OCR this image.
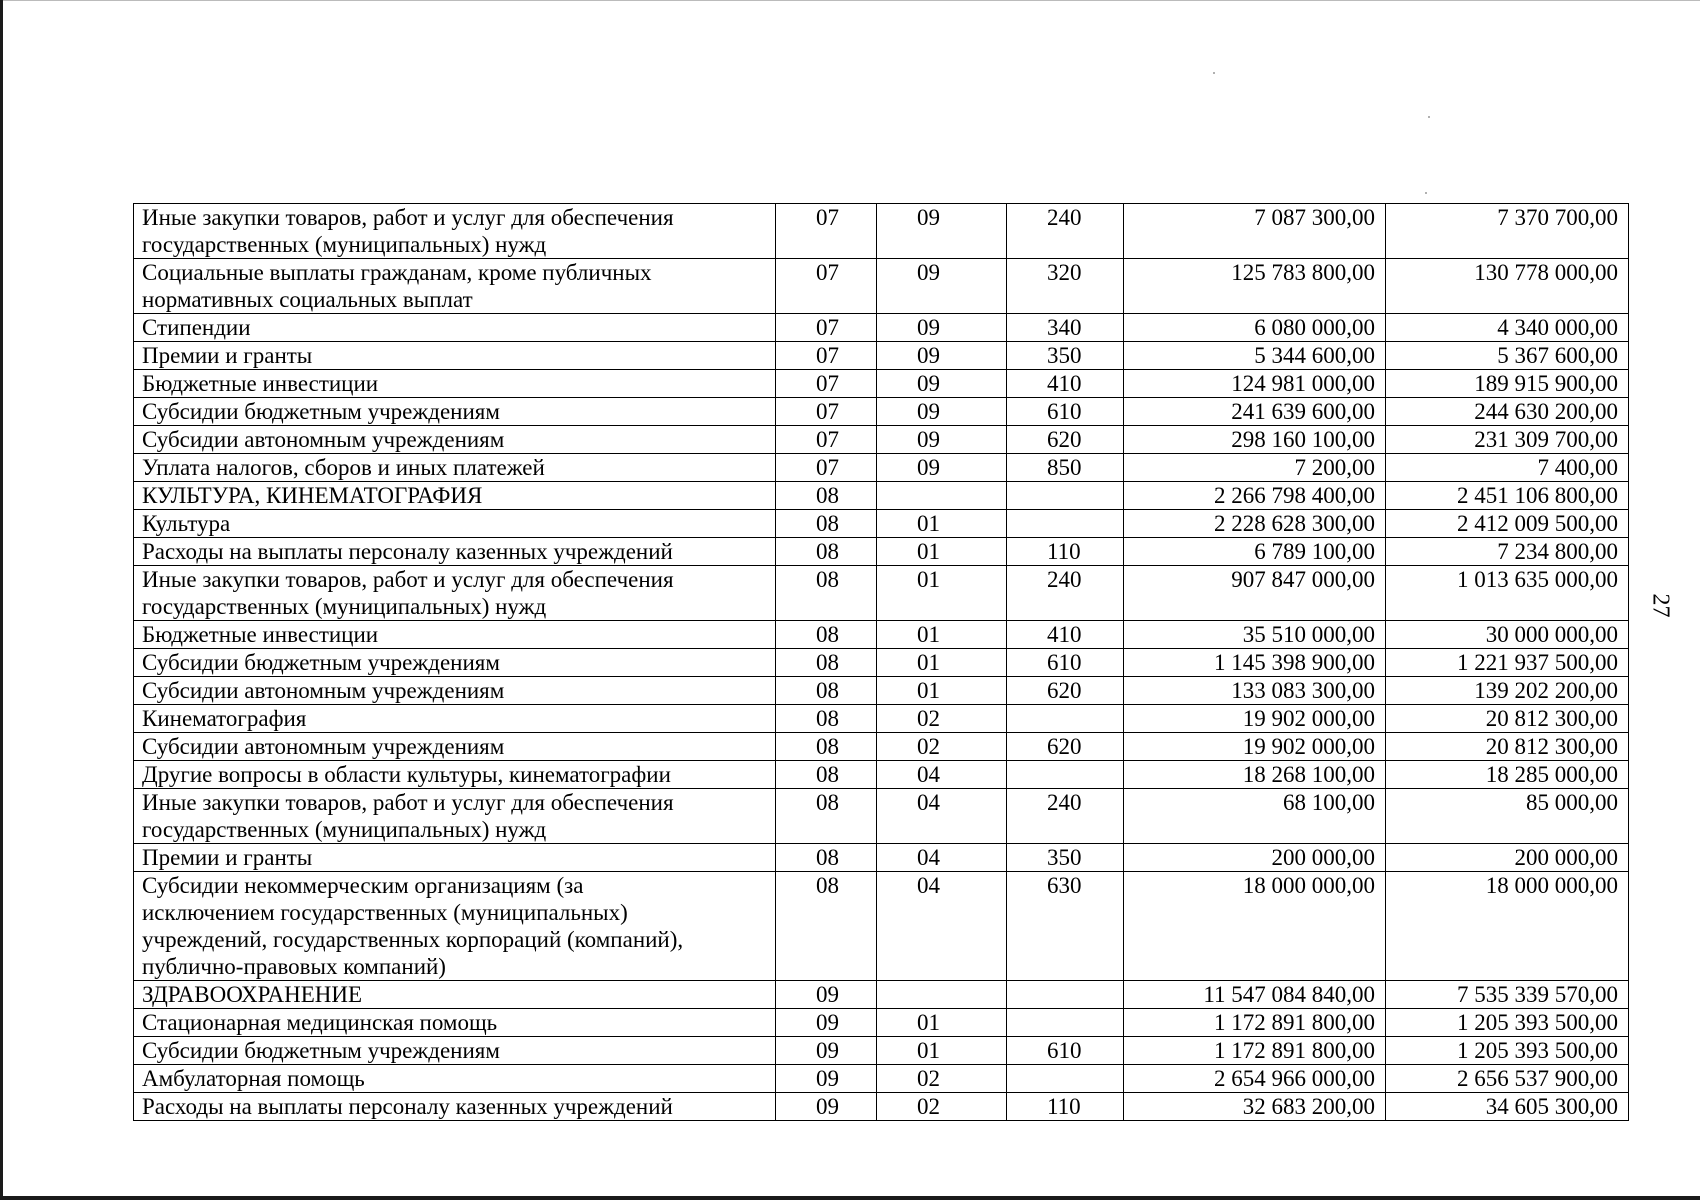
27
Иные закупки товаров, работ и услуг для обеспечения
государственных (муниципальных) нужд	07	09	240	7 087 300,00	7 370 700,00
Социальные выплаты гражданам, кроме публичных
нормативных социальных выплат	07	09	320	125 783 800,00	130 778 000,00
Стипендии	07	09	340	6 080 000,00	4 340 000,00
Премии и гранты	07	09	350	5 344 600,00	5 367 600,00
Бюджетные инвестиции	07	09	410	124 981 000,00	189 915 900,00
Субсидии бюджетным учреждениям	07	09	610	241 639 600,00	244 630 200,00
Субсидии автономным учреждениям	07	09	620	298 160 100,00	231 309 700,00
Уплата налогов, сборов и иных платежей	07	09	850	7 200,00	7 400,00
КУЛЬТУРА, КИНЕМАТОГРАФИЯ	08			2 266 798 400,00	2 451 106 800,00
Культура	08	01		2 228 628 300,00	2 412 009 500,00
Расходы на выплаты персоналу казенных учреждений	08	01	110	6 789 100,00	7 234 800,00
Иные закупки товаров, работ и услуг для обеспечения
государственных (муниципальных) нужд	08	01	240	907 847 000,00	1 013 635 000,00
Бюджетные инвестиции	08	01	410	35 510 000,00	30 000 000,00
Субсидии бюджетным учреждениям	08	01	610	1 145 398 900,00	1 221 937 500,00
Субсидии автономным учреждениям	08	01	620	133 083 300,00	139 202 200,00
Кинематография	08	02		19 902 000,00	20 812 300,00
Субсидии автономным учреждениям	08	02	620	19 902 000,00	20 812 300,00
Другие вопросы в области культуры, кинематографии	08	04		18 268 100,00	18 285 000,00
Иные закупки товаров, работ и услуг для обеспечения
государственных (муниципальных) нужд	08	04	240	68 100,00	85 000,00
Премии и гранты	08	04	350	200 000,00	200 000,00
Субсидии некоммерческим организациям (за
исключением государственных (муниципальных)
учреждений, государственных корпораций (компаний),
публично-правовых компаний)	08	04	630	18 000 000,00	18 000 000,00
ЗДРАВООХРАНЕНИЕ	09			11 547 084 840,00	7 535 339 570,00
Стационарная медицинская помощь	09	01		1 172 891 800,00	1 205 393 500,00
Субсидии бюджетным учреждениям	09	01	610	1 172 891 800,00	1 205 393 500,00
Амбулаторная помощь	09	02		2 654 966 000,00	2 656 537 900,00
Расходы на выплаты персоналу казенных учреждений	09	02	110	32 683 200,00	34 605 300,00
